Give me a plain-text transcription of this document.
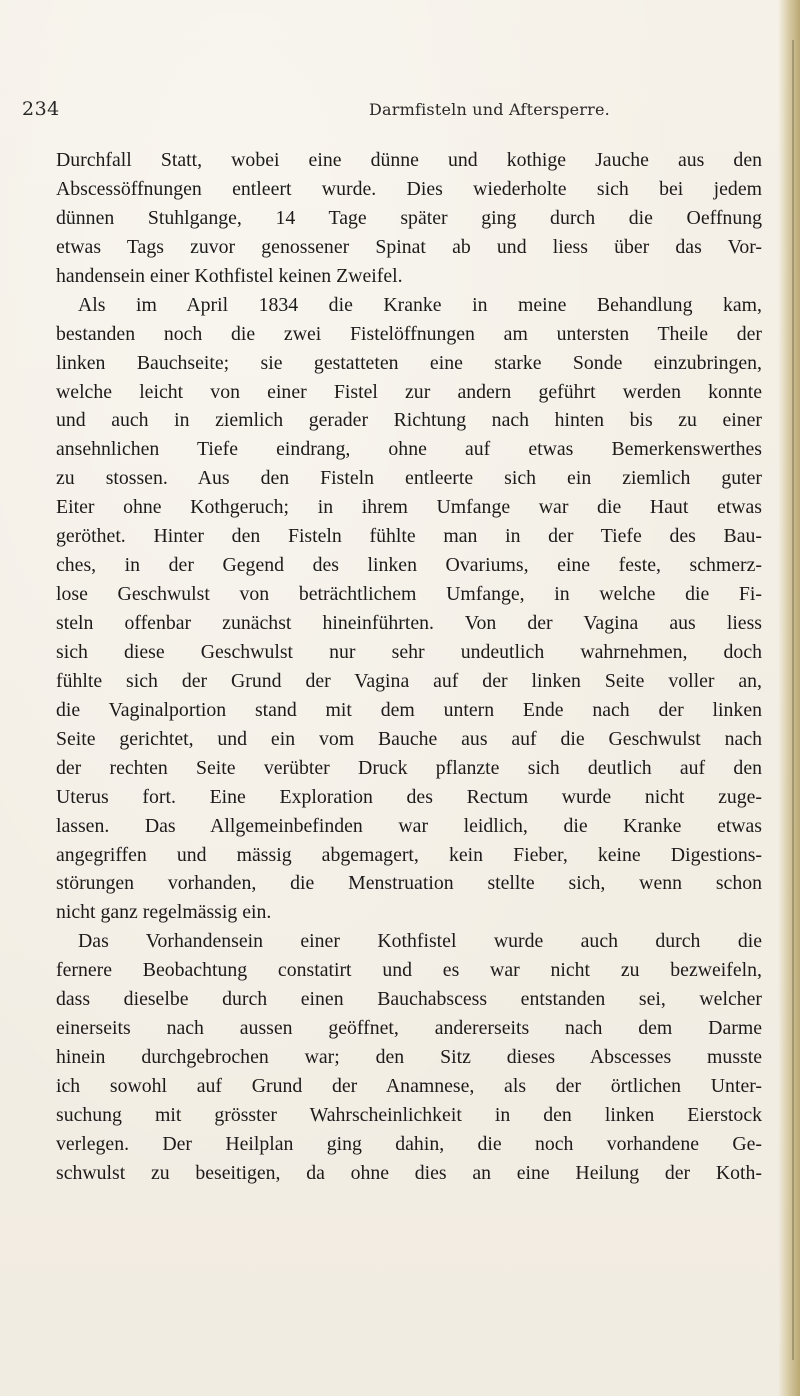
234	Darmfisteln und Aftersperre.
Durchfall Statt, wobei eine dünne und kothige Jauche aus den
Abscessöffnungen entleert wurde. Dies wiederholte sich bei jedem
dünnen Stuhlgange, 14 Tage später ging durch die Oeffnung
etwas Tags zuvor genossener Spinat ab und liess über das Vor-
handensein einer Kothfistel keinen Zweifel.
Als im April 1834 die Kranke in meine Behandlung kam,
bestanden noch die zwei Fistelöffnungen am untersten Theile der
linken Bauchseite; sie gestatteten eine starke Sonde einzubringen,
welche leicht von einer Fistel zur andern geführt werden konnte
und auch in ziemlich gerader Richtung nach hinten bis zu einer
ansehnlichen Tiefe eindrang, ohne auf etwas Bemerkenswerthes
zu stossen. Aus den Fisteln entleerte sich ein ziemlich guter
Eiter ohne Kothgeruch; in ihrem Umfange war die Haut etwas
geröthet. Hinter den Fisteln fühlte man in der Tiefe des Bau-
ches, in der Gegend des linken Ovariums, eine feste, schmerz-
lose Geschwulst von beträchtlichem Umfange, in welche die Fi-
steln offenbar zunächst hineinführten. Von der Vagina aus liess
sich diese Geschwulst nur sehr undeutlich wahrnehmen, doch
fühlte sich der Grund der Vagina auf der linken Seite voller an,
die Vaginalportion stand mit dem untern Ende nach der linken
Seite gerichtet, und ein vom Bauche aus auf die Geschwulst nach
der rechten Seite verübter Druck pflanzte sich deutlich auf den
Uterus fort. Eine Exploration des Rectum wurde nicht zuge-
lassen. Das Allgemeinbefinden war leidlich, die Kranke etwas
angegriffen und mässig abgemagert, kein Fieber, keine Digestions-
störungen vorhanden, die Menstruation stellte sich, wenn schon
nicht ganz regelmässig ein.
Das Vorhandensein einer Kothfistel wurde auch durch die
fernere Beobachtung constatirt und es war nicht zu bezweifeln,
dass dieselbe durch einen Bauchabscess entstanden sei, welcher
einerseits nach aussen geöffnet, andererseits nach dem Darme
hinein durchgebrochen war; den Sitz dieses Abscesses musste
ich sowohl auf Grund der Anamnese, als der örtlichen Unter-
suchung mit grösster Wahrscheinlichkeit in den linken Eierstock
verlegen. Der Heilplan ging dahin, die noch vorhandene Ge-
schwulst zu beseitigen, da ohne dies an eine Heilung der Koth-
